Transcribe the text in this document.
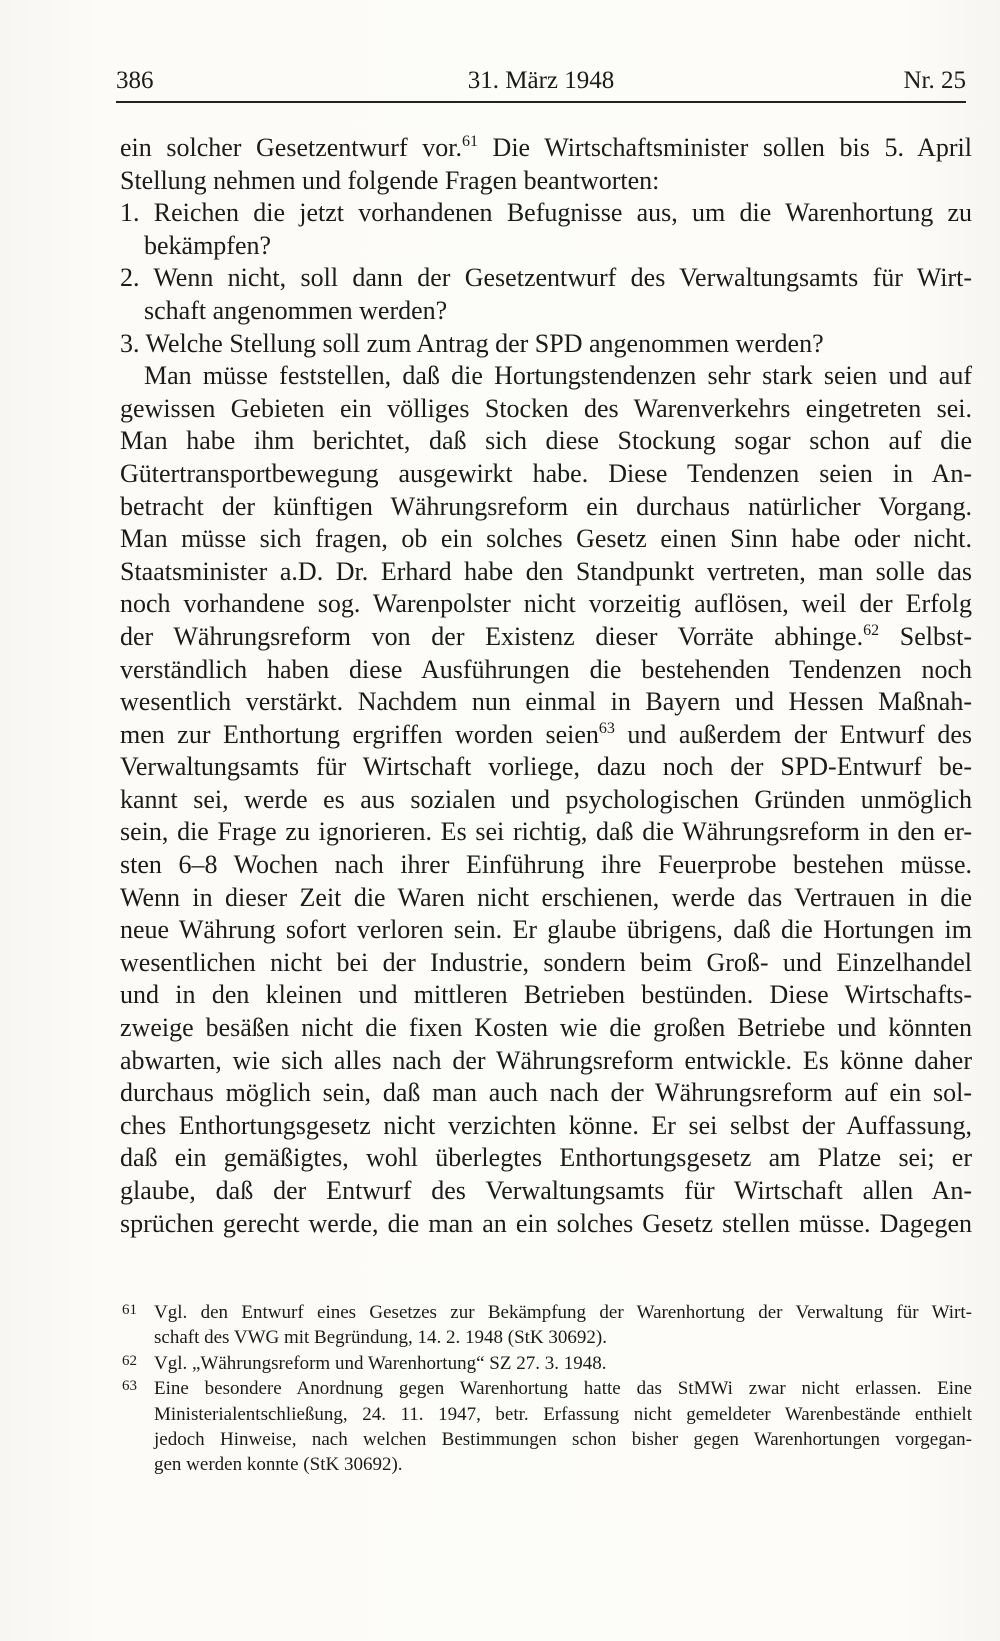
386	31. März 1948	Nr. 25
ein solcher Gesetzentwurf vor.$^{61}$ Die Wirtschaftsminister sollen bis 5. April
Stellung nehmen und folgende Fragen beantworten:
1. Reichen die jetzt vorhandenen Befugnisse aus, um die Warenhortung zu
bekämpfen?
2. Wenn nicht, soll dann der Gesetzentwurf des Verwaltungsamts für Wirt-
schaft angenommen werden?
3. Welche Stellung soll zum Antrag der SPD angenommen werden?
Man müsse feststellen, daß die Hortungstendenzen sehr stark seien und auf
gewissen Gebieten ein völliges Stocken des Warenverkehrs eingetreten sei.
Man habe ihm berichtet, daß sich diese Stockung sogar schon auf die
Gütertransportbewegung ausgewirkt habe. Diese Tendenzen seien in An-
betracht der künftigen Währungsreform ein durchaus natürlicher Vorgang.
Man müsse sich fragen, ob ein solches Gesetz einen Sinn habe oder nicht.
Staatsminister a.D. Dr. Erhard habe den Standpunkt vertreten, man solle das
noch vorhandene sog. Warenpolster nicht vorzeitig auflösen, weil der Erfolg
der Währungsreform von der Existenz dieser Vorräte abhinge.$^{62}$ Selbst-
verständlich haben diese Ausführungen die bestehenden Tendenzen noch
wesentlich verstärkt. Nachdem nun einmal in Bayern und Hessen Maßnah-
men zur Enthortung ergriffen worden seien$^{63}$ und außerdem der Entwurf des
Verwaltungsamts für Wirtschaft vorliege, dazu noch der SPD-Entwurf be-
kannt sei, werde es aus sozialen und psychologischen Gründen unmöglich
sein, die Frage zu ignorieren. Es sei richtig, daß die Währungsreform in den er-
sten 6–8 Wochen nach ihrer Einführung ihre Feuerprobe bestehen müsse.
Wenn in dieser Zeit die Waren nicht erschienen, werde das Vertrauen in die
neue Währung sofort verloren sein. Er glaube übrigens, daß die Hortungen im
wesentlichen nicht bei der Industrie, sondern beim Groß- und Einzelhandel
und in den kleinen und mittleren Betrieben bestünden. Diese Wirtschafts-
zweige besäßen nicht die fixen Kosten wie die großen Betriebe und könnten
abwarten, wie sich alles nach der Währungsreform entwickle. Es könne daher
durchaus möglich sein, daß man auch nach der Währungsreform auf ein sol-
ches Enthortungsgesetz nicht verzichten könne. Er sei selbst der Auffassung,
daß ein gemäßigtes, wohl überlegtes Enthortungsgesetz am Platze sei; er
glaube, daß der Entwurf des Verwaltungsamts für Wirtschaft allen An-
sprüchen gerecht werde, die man an ein solches Gesetz stellen müsse. Dagegen
61 Vgl. den Entwurf eines Gesetzes zur Bekämpfung der Warenhortung der Verwaltung für Wirt-
schaft des VWG mit Begründung, 14. 2. 1948 (StK 30692).
62 Vgl. „Währungsreform und Warenhortung“ SZ 27. 3. 1948.
63 Eine besondere Anordnung gegen Warenhortung hatte das StMWi zwar nicht erlassen. Eine
Ministerialentschließung, 24. 11. 1947, betr. Erfassung nicht gemeldeter Warenbestände enthielt
jedoch Hinweise, nach welchen Bestimmungen schon bisher gegen Warenhortungen vorgegan-
gen werden konnte (StK 30692).
